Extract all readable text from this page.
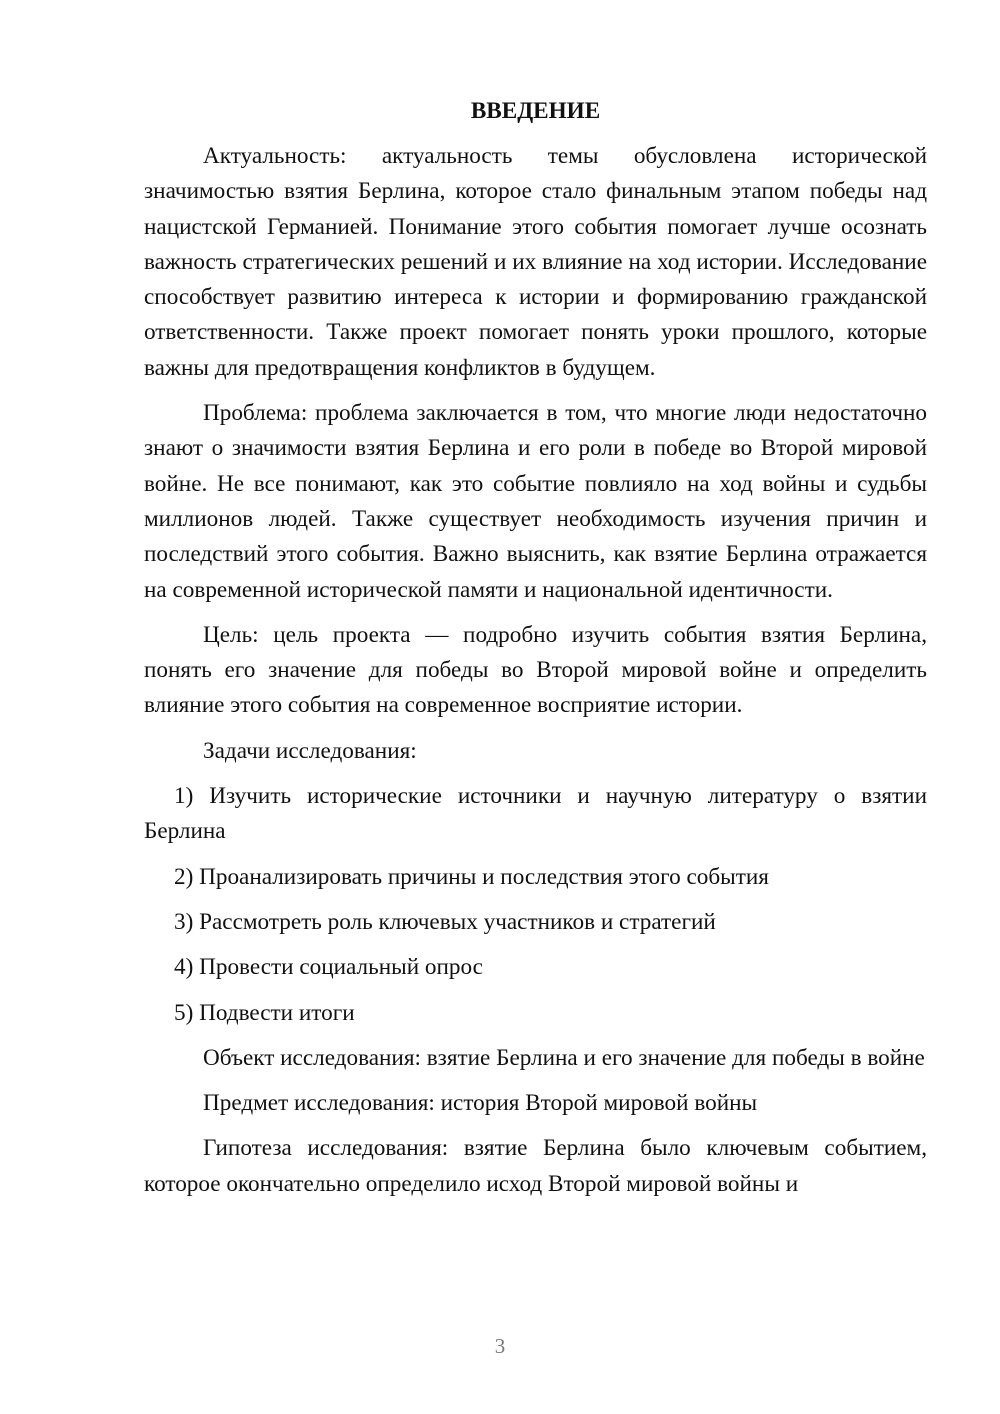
ВВЕДЕНИЕ

Актуальность: актуальность темы обусловлена исторической значимостью взятия Берлина, которое стало финальным этапом победы над нацистской Германией. Понимание этого события помогает лучше осознать важность стратегических решений и их влияние на ход истории. Исследование способствует развитию интереса к истории и формированию гражданской ответственности. Также проект помогает понять уроки прошлого, которые важны для предотвращения конфликтов в будущем.

Проблема: проблема заключается в том, что многие люди недостаточно знают о значимости взятия Берлина и его роли в победе во Второй мировой войне. Не все понимают, как это событие повлияло на ход войны и судьбы миллионов людей. Также существует необходимость изучения причин и последствий этого события. Важно выяснить, как взятие Берлина отражается на современной исторической памяти и национальной идентичности.

Цель: цель проекта — подробно изучить события взятия Берлина, понять его значение для победы во Второй мировой войне и определить влияние этого события на современное восприятие истории.

Задачи исследования:

1) Изучить исторические источники и научную литературу о взятии Берлина

2) Проанализировать причины и последствия этого события

3) Рассмотреть роль ключевых участников и стратегий

4) Провести социальный опрос

5) Подвести итоги

Объект исследования: взятие Берлина и его значение для победы в войне

Предмет исследования: история Второй мировой войны

Гипотеза исследования: взятие Берлина было ключевым событием, которое окончательно определило исход Второй мировой войны и

3
